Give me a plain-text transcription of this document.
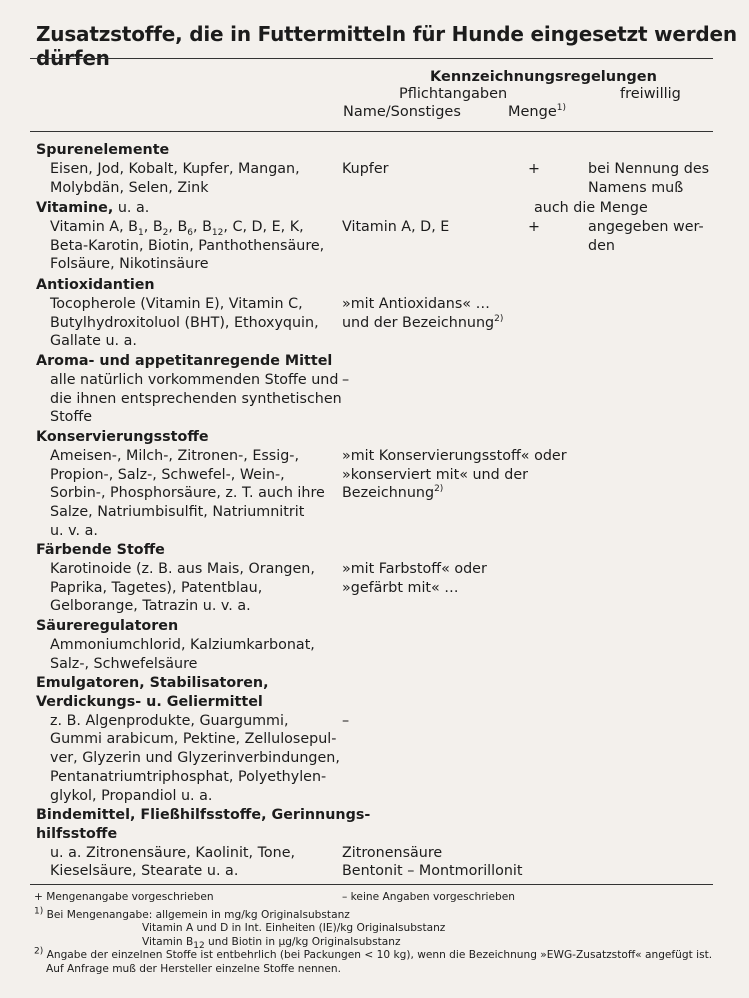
Zusatzstoffe, die in Futtermitteln für Hunde eingesetzt werden dürfen
Kennzeichnungsregelungen
Pflichtangaben	freiwillig
Name/Sonstiges	Menge$^{1)}$
Spurenelemente
Eisen, Jod, Kobalt, Kupfer, Mangan,	Kupfer	+	bei Nennung des
Molybdän, Selen, Zink	Namens muß
Vitamine, u. a.	auch die Menge
Vitamin A, $B_1$, $B_2$, $B_6$, $B_{12}$, C, D, E, K,	Vitamin A, D, E	+	angegeben wer-
Beta-Karotin, Biotin, Panthothensäure,	den
Folsäure, Nikotinsäure
Antioxidantien
Tocopherole (Vitamin E), Vitamin C,	»mit Antioxidans« …
Butylhydroxitoluol (BHT), Ethoxyquin,	und der Bezeichnung$^{2)}$
Gallate u. a.
Aroma- und appetitanregende Mittel
alle natürlich vorkommenden Stoffe und –
die ihnen entsprechenden synthetischen
Stoffe
Konservierungsstoffe
Ameisen-, Milch-, Zitronen-, Essig-,	»mit Konservierungsstoff« oder
Propion-, Salz-, Schwefel-, Wein-,	»konserviert mit« und der
Sorbin-, Phosphorsäure, z. T. auch ihre	Bezeichnung$^{2)}$
Salze, Natriumbisulfit, Natriumnitrit
u. v. a.
Färbende Stoffe
Karotinoide (z. B. aus Mais, Orangen,	»mit Farbstoff« oder
Paprika, Tagetes), Patentblau,	»gefärbt mit« …
Gelborange, Tatrazin u. v. a.
Säureregulatoren
Ammoniumchlorid, Kalziumkarbonat,
Salz-, Schwefelsäure
Emulgatoren, Stabilisatoren,
Verdickungs- u. Geliermittel
z. B. Algenprodukte, Guargummi,	–
Gummi arabicum, Pektine, Zellulosepul-
ver, Glyzerin und Glyzerinverbindungen,
Pentanatriumtriphosphat, Polyethylen-
glykol, Propandiol u. a.
Bindemittel, Fließhilfsstoffe, Gerinnungs-
hilfsstoffe
u. a. Zitronensäure, Kaolinit, Tone,	Zitronensäure
Kieselsäure, Stearate u. a.	Bentonit – Montmorillonit
+ Mengenangabe vorgeschrieben	– keine Angaben vorgeschrieben
$^{1)}$ Bei Mengenangabe: allgemein in mg/kg Originalsubstanz
Vitamin A und D in Int. Einheiten (IE)/kg Originalsubstanz
Vitamin $B_{12}$ und Biotin in µg/kg Originalsubstanz
$^{2)}$ Angabe der einzelnen Stoffe ist entbehrlich (bei Packungen < 10 kg), wenn die Bezeichnung »EWG-Zusatzstoff« angefügt ist.
Auf Anfrage muß der Hersteller einzelne Stoffe nennen.
